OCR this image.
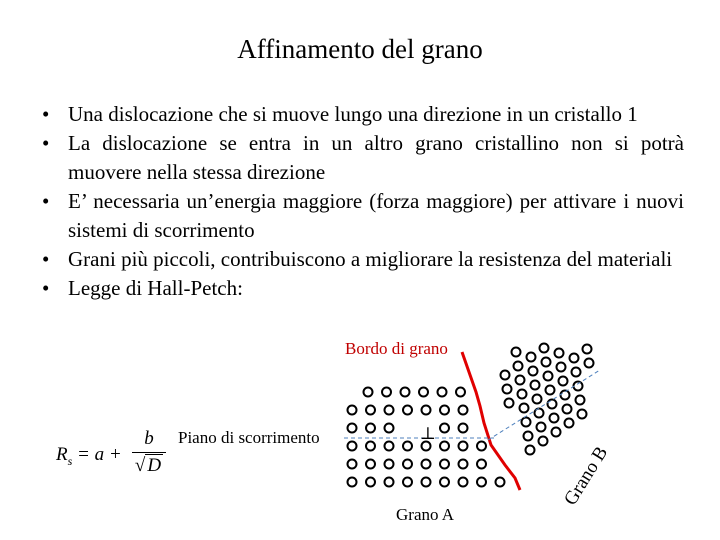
Affinamento del grano
• Una dislocazione che si muove lungo una direzione in un cristallo 1
• La dislocazione se entra in un altro grano cristallino non si potrà muovere nella stessa direzione
• E’ necessaria un’energia maggiore (forza maggiore) per attivare i nuovi sistemi di scorrimento
• Grani più piccoli, contribuiscono a migliorare la resistenza del materiali
• Legge di Hall-Petch:
$R_s = a$ +
b
√ D
Bordo di grano
Piano di scorrimento	⊥
Grano A
Grano B
